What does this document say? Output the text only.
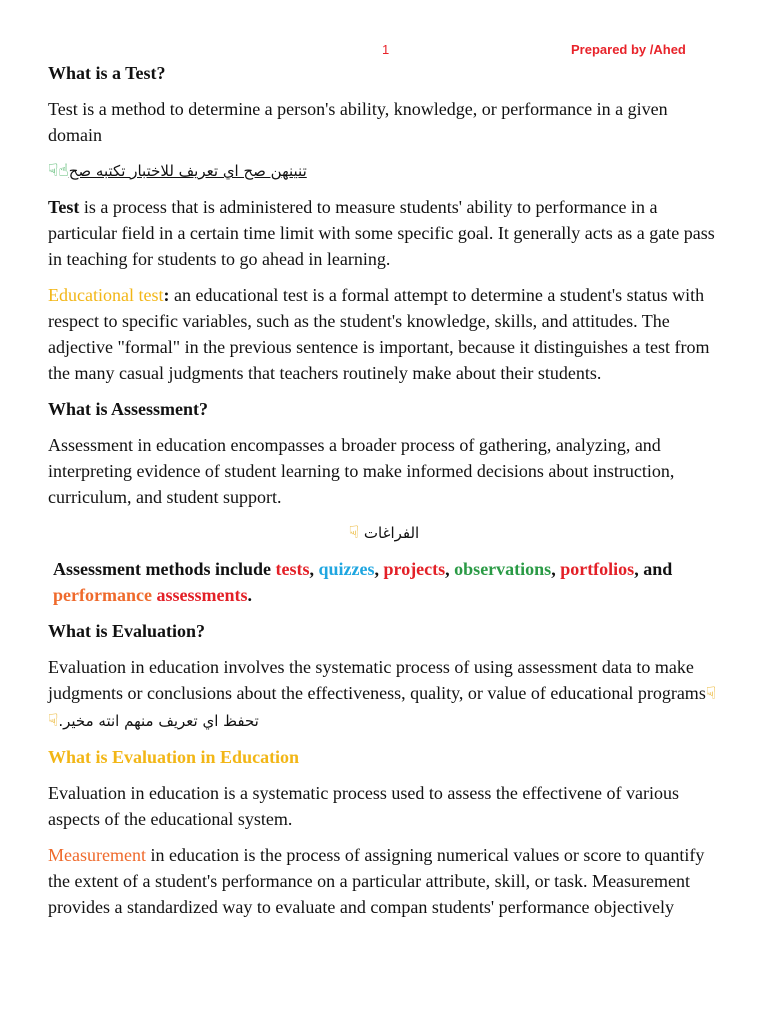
1	Prepared by /Ahed

What is a Test?

Test is a method to determine a person's ability, knowledge, or performance in a given domain

☟☝تنينهن صح اي تعريف للاختبار تكتبه صح

Test is a process that is administered to measure students' ability to performance in a particular field in a certain time limit with some specific goal. It generally acts as a gate pass in teaching for students to go ahead in learning.

Educational test: an educational test is a formal attempt to determine a student's status with respect to specific variables, such as the student's knowledge, skills, and attitudes. The adjective "formal" in the previous sentence is important, because it distinguishes a test from the many casual judgments that teachers routinely make about their students.

What is Assessment?

Assessment in education encompasses a broader process of gathering, analyzing, and interpreting evidence of student learning to make informed decisions about instruction, curriculum, and student support.

☟ الفراغات

Assessment methods include tests, quizzes, projects, observations, portfolios, and performance assessments.

What is Evaluation?

Evaluation in education involves the systematic process of using assessment data to make judgments or conclusions about the effectiveness, quality, or value of educational programs☟☟تحفظ اي تعريف منهم انته مخير.

What is Evaluation in Education

Evaluation in education is a systematic process used to assess the effectivene of various aspects of the educational system.

Measurement in education is the process of assigning numerical values or score to quantify the extent of a student's performance on a particular attribute, skill, or task. Measurement provides a standardized way to evaluate and compan students' performance objectively
